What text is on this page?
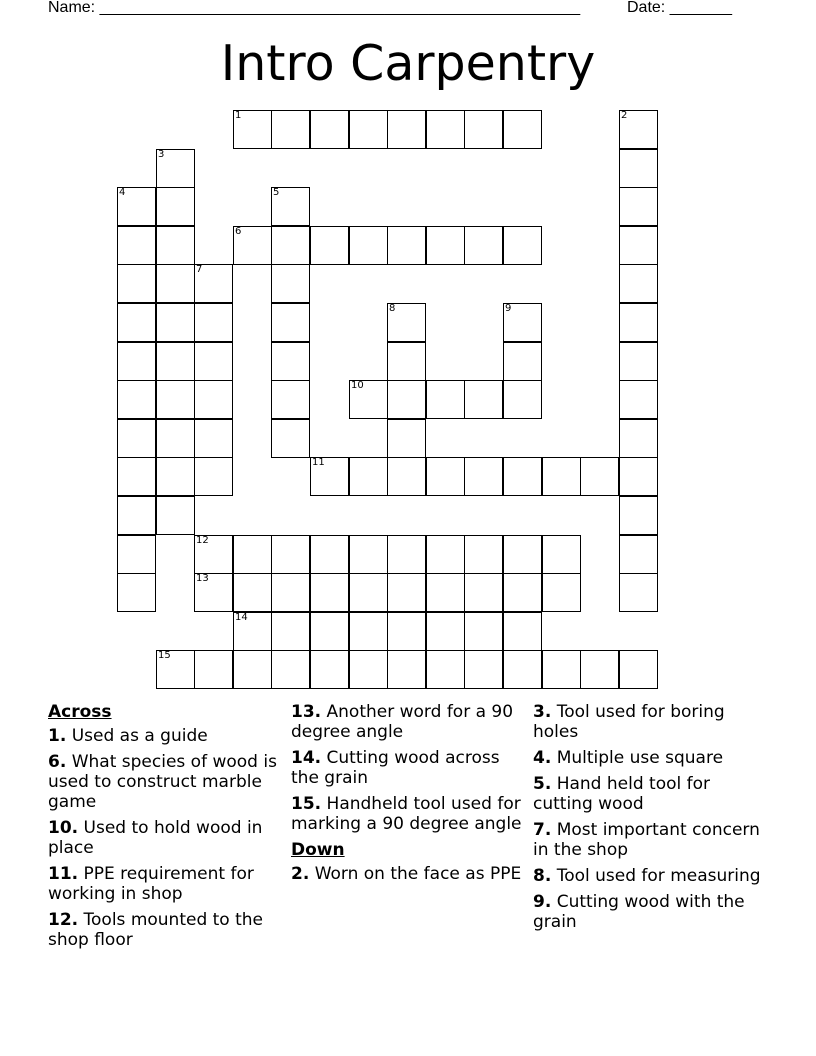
Name: ______________________________________________________	Date: _______
Intro Carpentry
1	2
3
4	5
6
7
8	9
10
11
12
13
14
15
Across
1. Used as a guide
6. What species of wood is used to construct marble game
10. Used to hold wood in place
11. PPE requirement for working in shop
12. Tools mounted to the shop floor
13. Another word for a 90 degree angle
14. Cutting wood across the grain
15. Handheld tool used for marking a 90 degree angle
Down
2. Worn on the face as PPE
3. Tool used for boring holes
4. Multiple use square
5. Hand held tool for cutting wood
7. Most important concern in the shop
8. Tool used for measuring
9. Cutting wood with the grain
